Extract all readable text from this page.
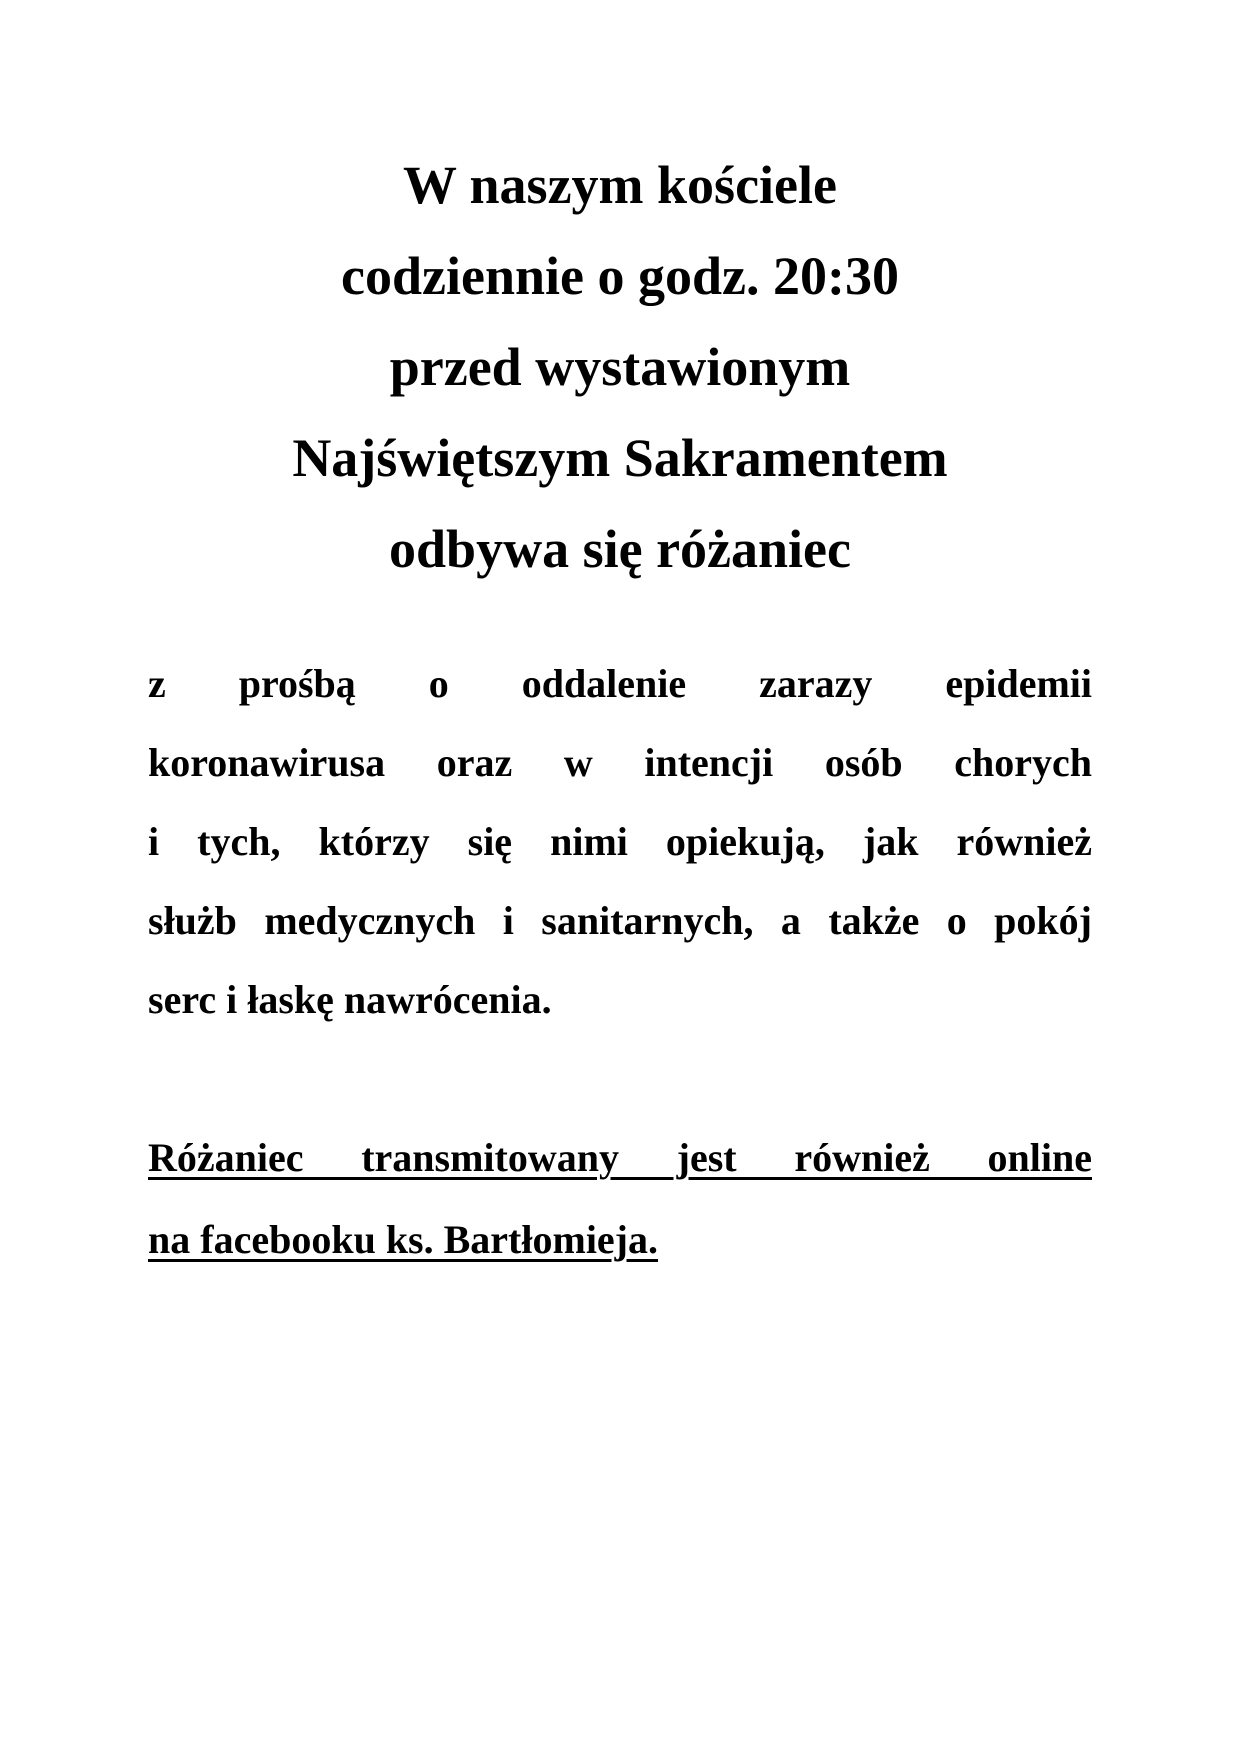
W naszym kościele
codziennie o godz. 20:30
przed wystawionym
Najświętszym Sakramentem
odbywa się różaniec
z prośbą o oddalenie zarazy epidemii
koronawirusa oraz w intencji osób chorych
i tych, którzy się nimi opiekują, jak również
służb medycznych i sanitarnych, a także o pokój
serc i łaskę nawrócenia.
Różaniec transmitowany jest również online
na facebooku ks. Bartłomieja.
